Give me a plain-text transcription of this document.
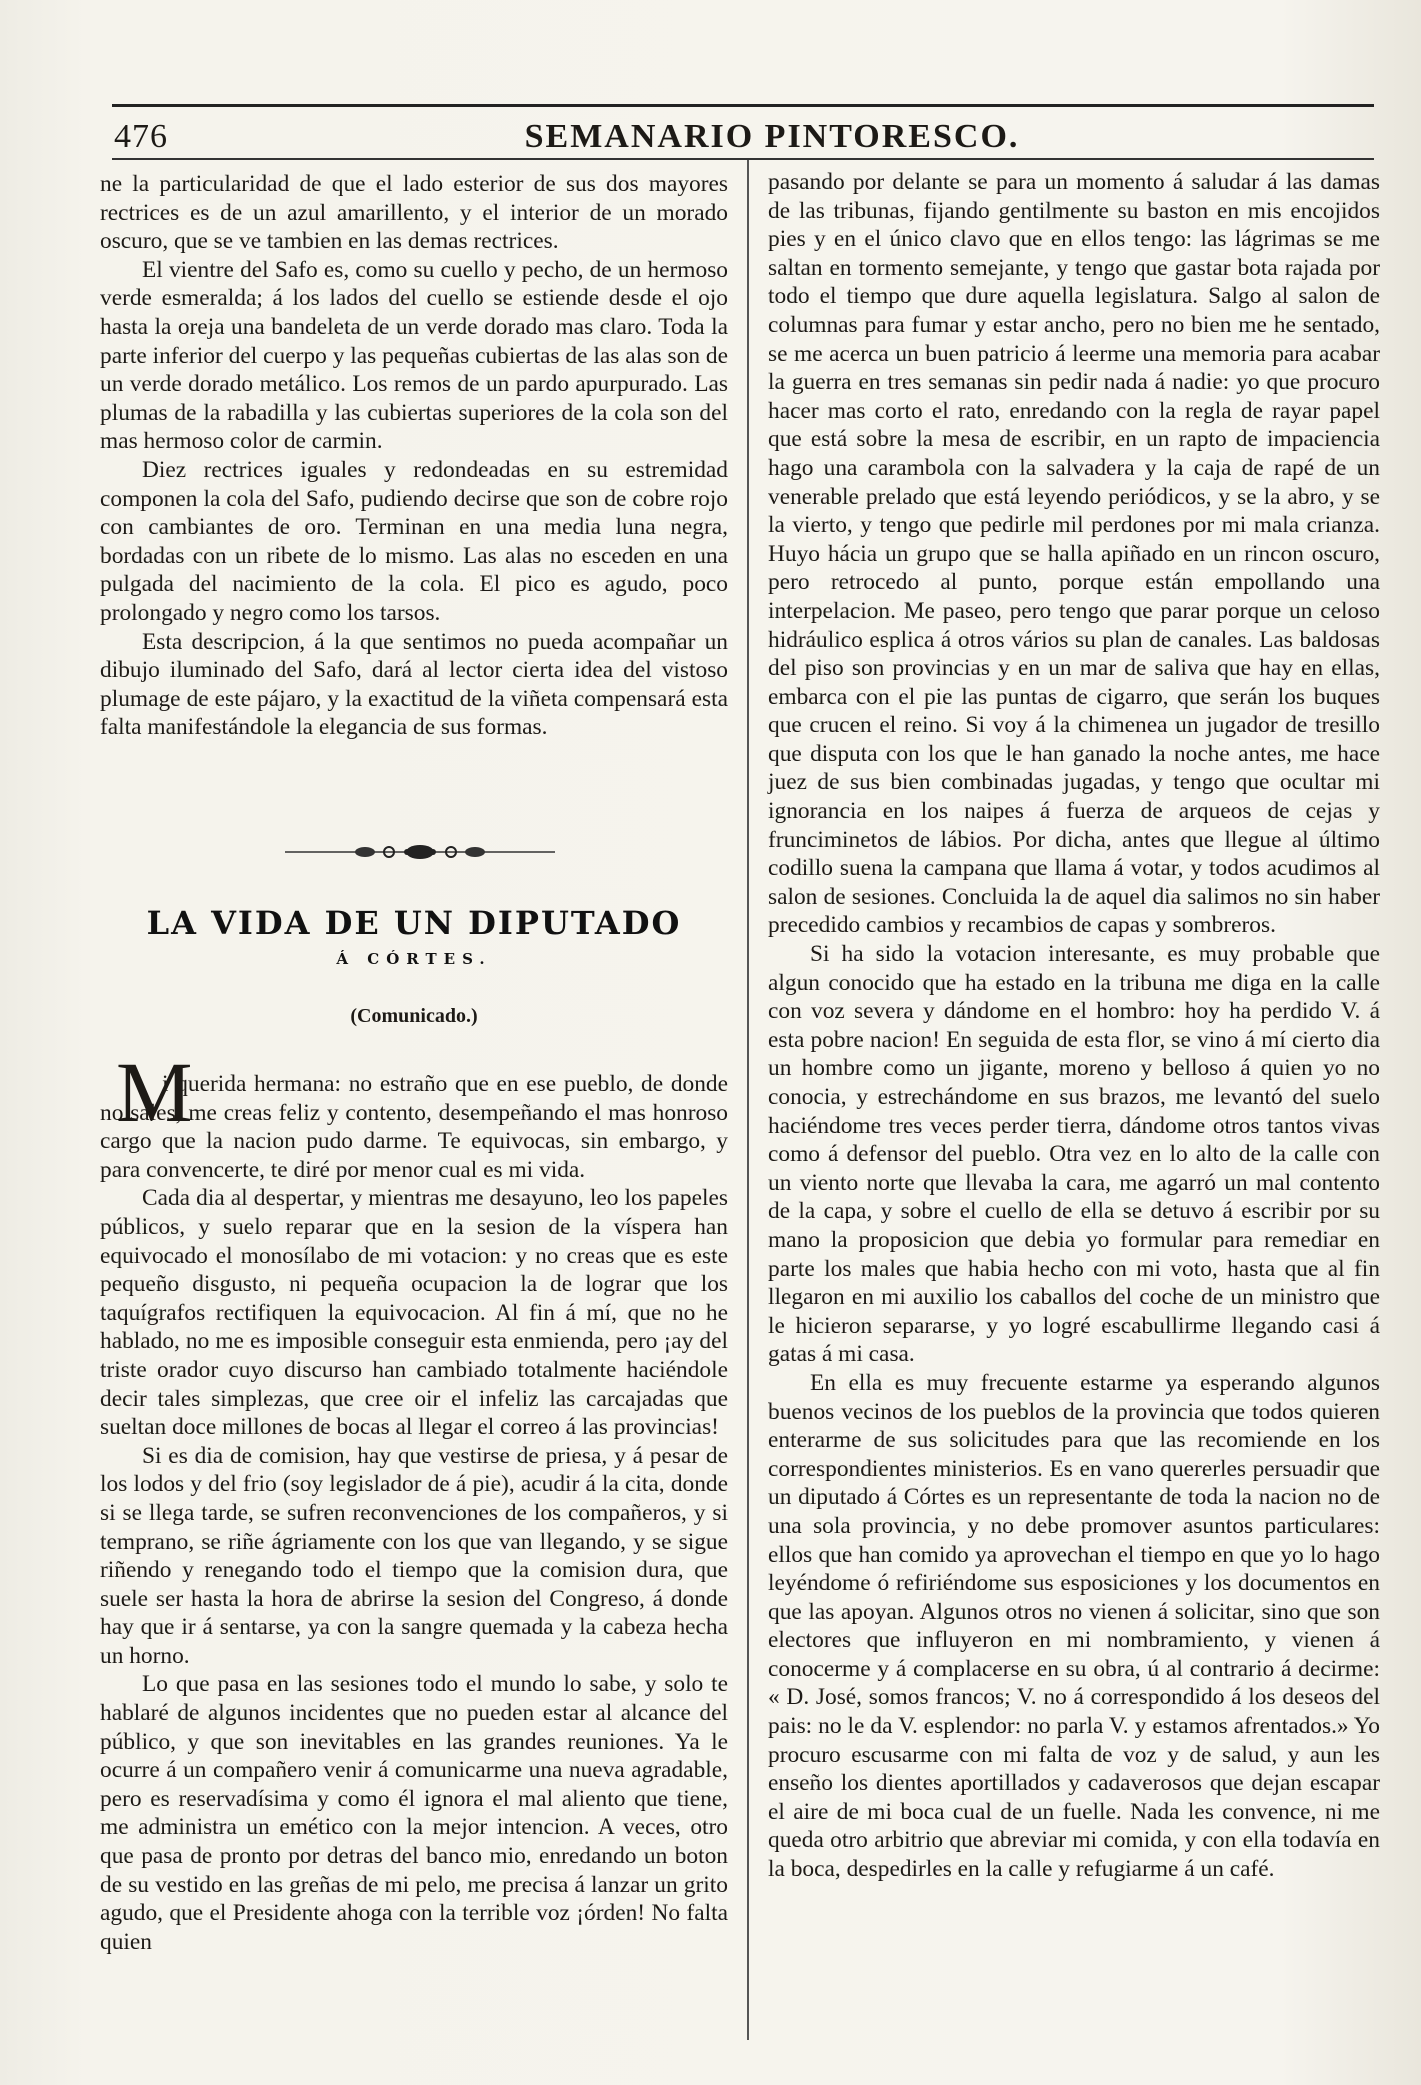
476	SEMANARIO PINTORESCO.

ne la particularidad de que el lado esterior de sus dos mayores rectrices es de un azul amarillento, y el interior de un morado oscuro, que se ve tambien en las demas rectrices.

El vientre del Safo es, como su cuello y pecho, de un hermoso verde esmeralda; á los lados del cuello se estiende desde el ojo hasta la oreja una bandeleta de un verde dorado mas claro. Toda la parte inferior del cuerpo y las pequeñas cubiertas de las alas son de un verde dorado metálico. Los remos de un pardo apurpurado. Las plumas de la rabadilla y las cubiertas superiores de la cola son del mas hermoso color de carmin.

Diez rectrices iguales y redondeadas en su estremidad componen la cola del Safo, pudiendo decirse que son de cobre rojo con cambiantes de oro. Terminan en una media luna negra, bordadas con un ribete de lo mismo. Las alas no esceden en una pulgada del nacimiento de la cola. El pico es agudo, poco prolongado y negro como los tarsos.

Esta descripcion, á la que sentimos no pueda acompañar un dibujo iluminado del Safo, dará al lector cierta idea del vistoso plumage de este pájaro, y la exactitud de la viñeta compensará esta falta manifestándole la elegancia de sus formas.

LA VIDA DE UN DIPUTADO
Á CÓRTES.
(Comunicado.)
M

i querida hermana: no estraño que en ese pueblo, de donde no sales, me creas feliz y contento, desempeñando el mas honroso cargo que la nacion pudo darme. Te equivocas, sin embargo, y para convencerte, te diré por menor cual es mi vida.

Cada dia al despertar, y mientras me desayuno, leo los papeles públicos, y suelo reparar que en la sesion de la víspera han equivocado el monosílabo de mi votacion: y no creas que es este pequeño disgusto, ni pequeña ocupacion la de lograr que los taquígrafos rectifiquen la equivocacion. Al fin á mí, que no he hablado, no me es imposible conseguir esta enmienda, pero ¡ay del triste orador cuyo discurso han cambiado totalmente haciéndole decir tales simplezas, que cree oir el infeliz las carcajadas que sueltan doce millones de bocas al llegar el correo á las provincias!

Si es dia de comision, hay que vestirse de priesa, y á pesar de los lodos y del frio (soy legislador de á pie), acudir á la cita, donde si se llega tarde, se sufren reconvenciones de los compañeros, y si temprano, se riñe ágriamente con los que van llegando, y se sigue riñendo y renegando todo el tiempo que la comision dura, que suele ser hasta la hora de abrirse la sesion del Congreso, á donde hay que ir á sentarse, ya con la sangre quemada y la cabeza hecha un horno.

Lo que pasa en las sesiones todo el mundo lo sabe, y solo te hablaré de algunos incidentes que no pueden estar al alcance del público, y que son inevitables en las grandes reuniones. Ya le ocurre á un compañero venir á comunicarme una nueva agradable, pero es reservadísima y como él ignora el mal aliento que tiene, me administra un emético con la mejor intencion. A veces, otro que pasa de pronto por detras del banco mio, enredando un boton de su vestido en las greñas de mi pelo, me precisa á lanzar un grito agudo, que el Presidente ahoga con la terrible voz ¡órden! No falta quien

pasando por delante se para un momento á saludar á las damas de las tribunas, fijando gentilmente su baston en mis encojidos pies y en el único clavo que en ellos tengo: las lágrimas se me saltan en tormento semejante, y tengo que gastar bota rajada por todo el tiempo que dure aquella legislatura. Salgo al salon de columnas para fumar y estar ancho, pero no bien me he sentado, se me acerca un buen patricio á leerme una memoria para acabar la guerra en tres semanas sin pedir nada á nadie: yo que procuro hacer mas corto el rato, enredando con la regla de rayar papel que está sobre la mesa de escribir, en un rapto de impaciencia hago una carambola con la salvadera y la caja de rapé de un venerable prelado que está leyendo periódicos, y se la abro, y se la vierto, y tengo que pedirle mil perdones por mi mala crianza. Huyo hácia un grupo que se halla apiñado en un rincon oscuro, pero retrocedo al punto, porque están empollando una interpelacion. Me paseo, pero tengo que parar porque un celoso hidráulico esplica á otros vários su plan de canales. Las baldosas del piso son provincias y en un mar de saliva que hay en ellas, embarca con el pie las puntas de cigarro, que serán los buques que crucen el reino. Si voy á la chimenea un jugador de tresillo que disputa con los que le han ganado la noche antes, me hace juez de sus bien combinadas jugadas, y tengo que ocultar mi ignorancia en los naipes á fuerza de arqueos de cejas y frunciminetos de lábios. Por dicha, antes que llegue al último codillo suena la campana que llama á votar, y todos acudimos al salon de sesiones. Concluida la de aquel dia salimos no sin haber precedido cambios y recambios de capas y sombreros.

Si ha sido la votacion interesante, es muy probable que algun conocido que ha estado en la tribuna me diga en la calle con voz severa y dándome en el hombro: hoy ha perdido V. á esta pobre nacion! En seguida de esta flor, se vino á mí cierto dia un hombre como un jigante, moreno y belloso á quien yo no conocia, y estrechándome en sus brazos, me levantó del suelo haciéndome tres veces perder tierra, dándome otros tantos vivas como á defensor del pueblo. Otra vez en lo alto de la calle con un viento norte que llevaba la cara, me agarró un mal contento de la capa, y sobre el cuello de ella se detuvo á escribir por su mano la proposicion que debia yo formular para remediar en parte los males que habia hecho con mi voto, hasta que al fin llegaron en mi auxilio los caballos del coche de un ministro que le hicieron separarse, y yo logré escabullirme llegando casi á gatas á mi casa.

En ella es muy frecuente estarme ya esperando algunos buenos vecinos de los pueblos de la provincia que todos quieren enterarme de sus solicitudes para que las recomiende en los correspondientes ministerios. Es en vano quererles persuadir que un diputado á Córtes es un representante de toda la nacion no de una sola provincia, y no debe promover asuntos particulares: ellos que han comido ya aprovechan el tiempo en que yo lo hago leyéndome ó refiriéndome sus esposiciones y los documentos en que las apoyan. Algunos otros no vienen á solicitar, sino que son electores que influyeron en mi nombramiento, y vienen á conocerme y á complacerse en su obra, ú al contrario á decirme: « D. José, somos francos; V. no á correspondido á los deseos del pais: no le da V. esplendor: no parla V. y estamos afrentados.» Yo procuro escusarme con mi falta de voz y de salud, y aun les enseño los dientes aportillados y cadaverosos que dejan escapar el aire de mi boca cual de un fuelle. Nada les convence, ni me queda otro arbitrio que abreviar mi comida, y con ella todavía en la boca, despedirles en la calle y refugiarme á un café.
